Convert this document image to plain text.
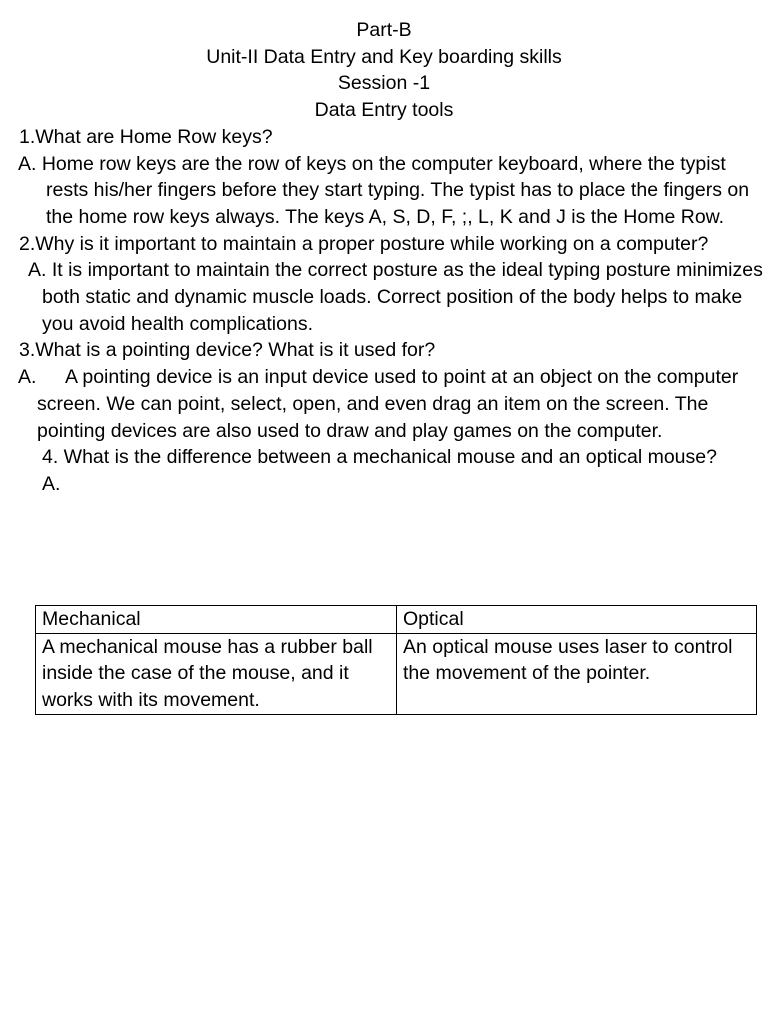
Part-B

Unit-II Data Entry and Key boarding skills

Session -1

Data Entry tools

1.What are Home Row keys?

A. Home row keys are the row of keys on the computer keyboard, where the typist rests his/her fingers before they start typing. The typist has to place the fingers on the home row keys always. The keys A, S, D, F, ;, L, K and J is the Home Row.
2.Why is it important to maintain a proper posture while working on a computer?
A. It is important to maintain the correct posture as the ideal typing posture minimizes both static and dynamic muscle loads. Correct position of the body helps to make you avoid health complications.

3.What is a pointing device? What is it used for?

A. A pointing device is an input device used to point at an object on the computer screen. We can point, select, open, and even drag an item on the screen. The pointing devices are also used to draw and play games on the computer.
4. What is the difference between a mechanical mouse and an optical mouse?

A.

Mechanical	Optical
A mechanical mouse has a rubber ball inside the case of the mouse, and it works with its movement.	An optical mouse uses laser to control the movement of the pointer.
